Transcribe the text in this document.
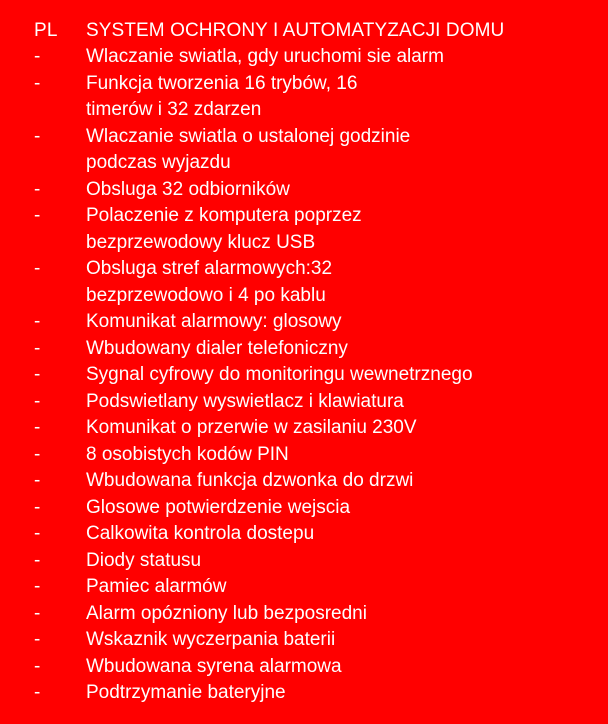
PL SYSTEM OCHRONY I AUTOMATYZACJI DOMU
-	Wlaczanie swiatla, gdy uruchomi sie alarm
-	Funkcja tworzenia 16 trybów, 16
timerów i 32 zdarzen
-	Wlaczanie swiatla o ustalonej godzinie
podczas wyjazdu
-	Obsluga 32 odbiorników
-	Polaczenie z komputera poprzez
bezprzewodowy klucz USB
-	Obsluga stref alarmowych:32
bezprzewodowo i 4 po kablu
-	Komunikat alarmowy: glosowy
-	Wbudowany dialer telefoniczny
-	Sygnal cyfrowy do monitoringu wewnetrznego
-	Podswietlany wyswietlacz i klawiatura
-	Komunikat o przerwie w zasilaniu 230V
-	8 osobistych kodów PIN
-	Wbudowana funkcja dzwonka do drzwi
-	Glosowe potwierdzenie wejscia
-	Calkowita kontrola dostepu
-	Diody statusu
-	Pamiec alarmów
-	Alarm opózniony lub bezposredni
-	Wskaznik wyczerpania baterii
-	Wbudowana syrena alarmowa
-	Podtrzymanie bateryjne
